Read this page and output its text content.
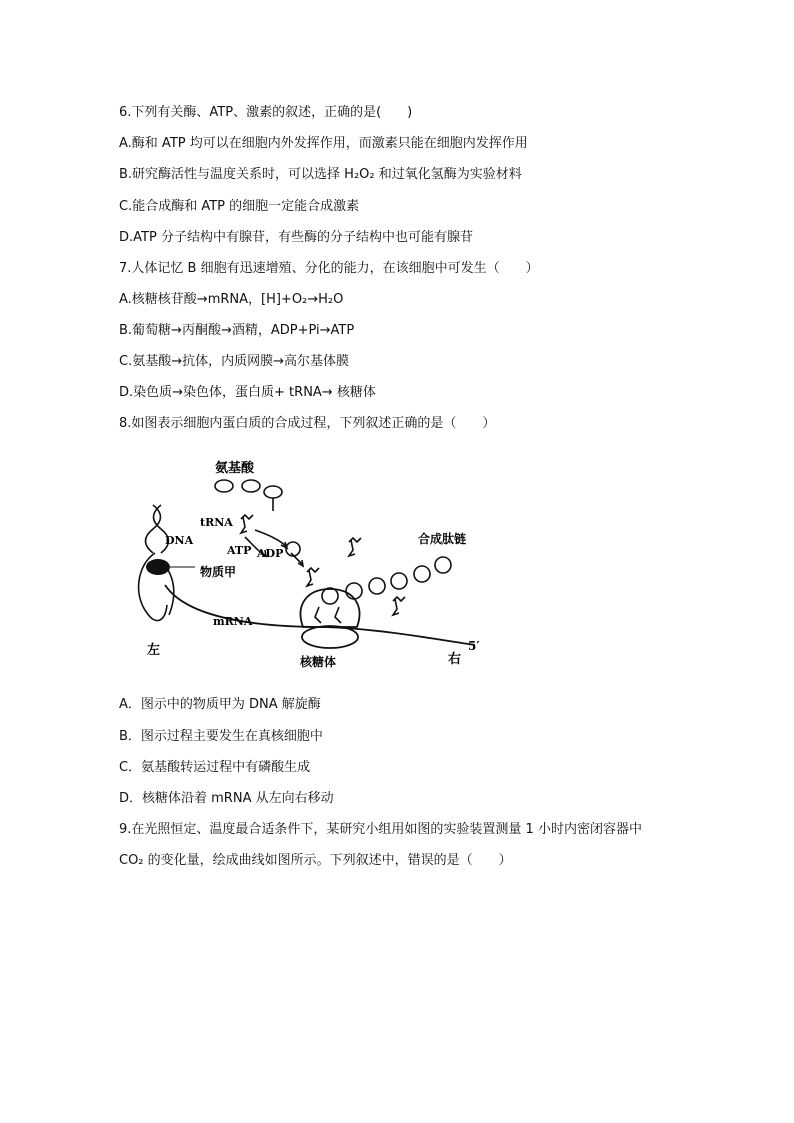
6.下列有关酶、ATP、激素的叙述，正确的是(　　)
A.酶和 ATP 均可以在细胞内外发挥作用，而激素只能在细胞内发挥作用
B.研究酶活性与温度关系时，可以选择 H₂O₂ 和过氧化氢酶为实验材料
C.能合成酶和 ATP 的细胞一定能合成激素
D.ATP 分子结构中有腺苷，有些酶的分子结构中也可能有腺苷
7.人体记忆 B 细胞有迅速增殖、分化的能力，在该细胞中可发生（　　）
A.核糖核苷酸→mRNA，[H]+O₂→H₂O
B.葡萄糖→丙酮酸→酒精，ADP+Pi→ATP
C.氨基酸→抗体，内质网膜→高尔基体膜
D.染色质→染色体，蛋白质+ tRNA→ 核糖体
8.如图表示细胞内蛋白质的合成过程，下列叙述正确的是（　　）
氨基酸
tRNA
DNA
ATP ADP
物质甲
合成肽链
mRNA
左
核糖体	右
5′
A．图示中的物质甲为 DNA 解旋酶
B．图示过程主要发生在真核细胞中
C．氨基酸转运过程中有磷酸生成
D．核糖体沿着 mRNA 从左向右移动
9.在光照恒定、温度最合适条件下，某研究小组用如图的实验装置测量 1 小时内密闭容器中
CO₂ 的变化量，绘成曲线如图所示。下列叙述中，错误的是（　　）
